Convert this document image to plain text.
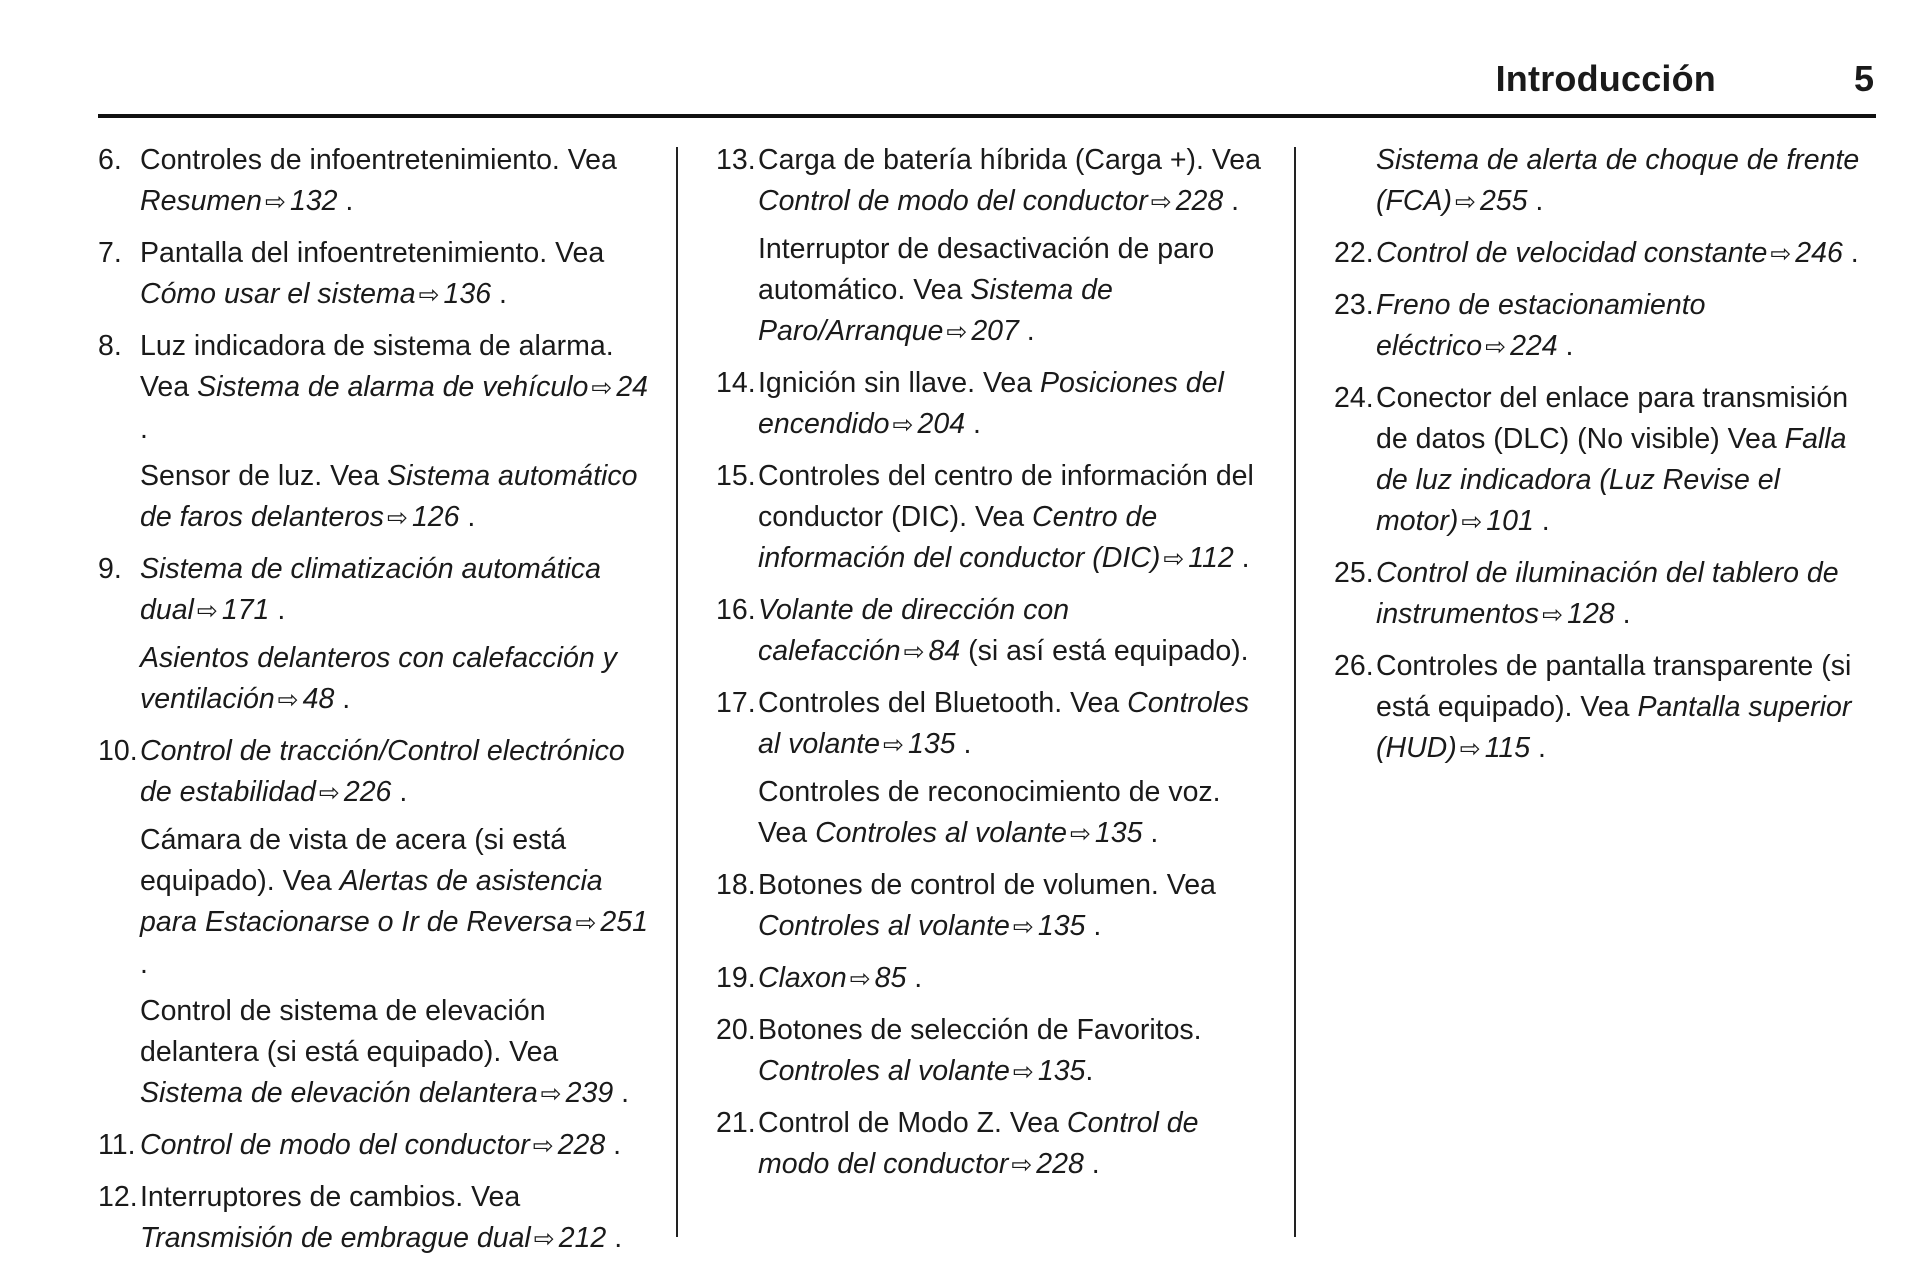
Introducción	5
6. Controles de infoentretenimiento. Vea Resumen ⇨ 132 .
7. Pantalla del infoentretenimiento. Vea Cómo usar el sistema ⇨ 136 .
8. Luz indicadora de sistema de alarma. Vea Sistema de alarma de vehículo ⇨ 24 .
Sensor de luz. Vea Sistema automático de faros delanteros ⇨ 126 .
9. Sistema de climatización automática dual ⇨ 171 .
Asientos delanteros con calefacción y ventilación ⇨ 48 .
10. Control de tracción/Control electrónico de estabilidad ⇨ 226 .
Cámara de vista de acera (si está equipado). Vea Alertas de asistencia para Estacionarse o Ir de Reversa ⇨ 251 .
Control de sistema de elevación delantera (si está equipado). Vea Sistema de elevación delantera ⇨ 239 .
11. Control de modo del conductor ⇨ 228 .
12. Interruptores de cambios. Vea Transmisión de embrague dual ⇨ 212 .
13. Carga de batería híbrida (Carga +). Vea Control de modo del conductor ⇨ 228 .
Interruptor de desactivación de paro automático. Vea Sistema de Paro/Arranque ⇨ 207 .
14. Ignición sin llave. Vea Posiciones del encendido ⇨ 204 .
15. Controles del centro de información del conductor (DIC). Vea Centro de información del conductor (DIC) ⇨ 112 .
16. Volante de dirección con calefacción ⇨ 84 (si así está equipado).
17. Controles del Bluetooth. Vea Controles al volante ⇨ 135 .
Controles de reconocimiento de voz. Vea Controles al volante ⇨ 135 .
18. Botones de control de volumen. Vea Controles al volante ⇨ 135 .
19. Claxon ⇨ 85 .
20. Botones de selección de Favoritos. Controles al volante ⇨ 135.
21. Control de Modo Z. Vea Control de modo del conductor ⇨ 228 .
Sistema de alerta de choque de frente (FCA) ⇨ 255 .
22. Control de velocidad constante ⇨ 246 .
23. Freno de estacionamiento eléctrico ⇨ 224 .
24. Conector del enlace para transmisión de datos (DLC) (No visible) Vea Falla de luz indicadora (Luz Revise el motor) ⇨ 101 .
25. Control de iluminación del tablero de instrumentos ⇨ 128 .
26. Controles de pantalla transparente (si está equipado). Vea Pantalla superior (HUD) ⇨ 115 .
